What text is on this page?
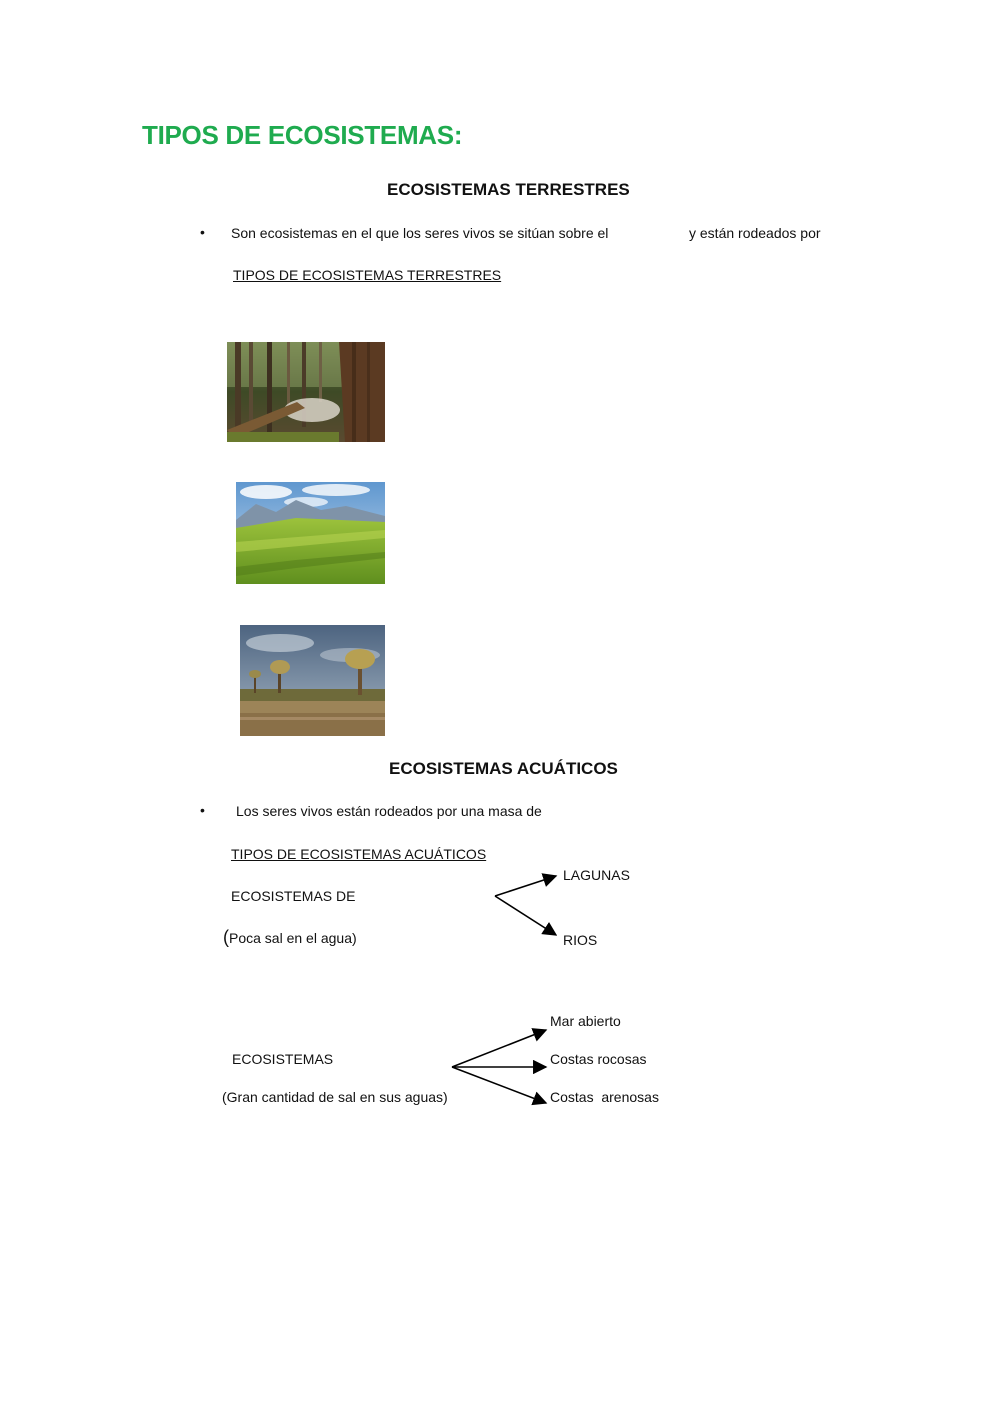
TIPOS DE ECOSISTEMAS:
ECOSISTEMAS TERRESTRES
• Son ecosistemas en el que los seres vivos se sitúan sobre el	y están rodeados por
TIPOS DE ECOSISTEMAS TERRESTRES
ECOSISTEMAS ACUÁTICOS
• Los seres vivos están rodeados por una masa de
TIPOS DE ECOSISTEMAS ACUÁTICOS
ECOSISTEMAS DE
(Poca sal en el agua)
LAGUNAS
RIOS
ECOSISTEMAS
(Gran cantidad de sal en sus aguas)
Mar abierto
Costas rocosas
Costas  arenosas
